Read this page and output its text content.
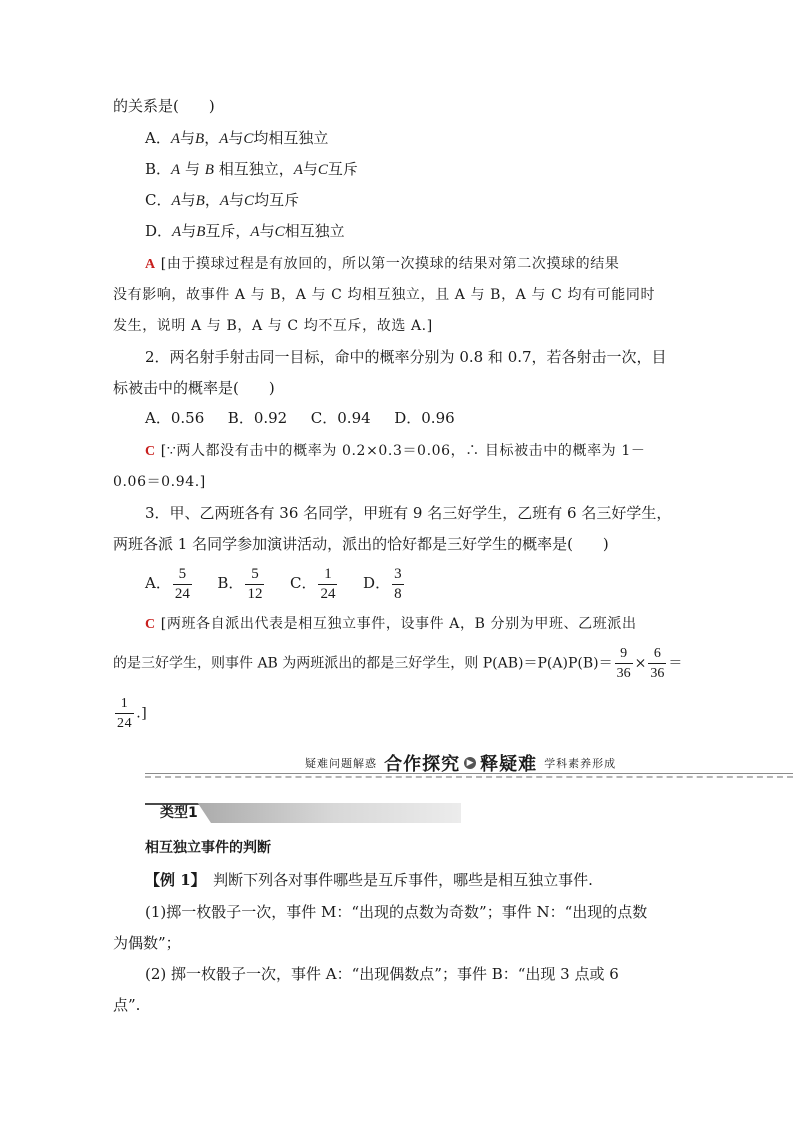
的关系是(　　)
A．A与B，A与C均相互独立
B．A 与 B 相互独立，A与C互斥
C．A与B，A与C均互斥
D．A与B互斥，A与C相互独立
A [由于摸球过程是有放回的，所以第一次摸球的结果对第二次摸球的结果
没有影响，故事件 A 与 B，A 与 C 均相互独立，且 A 与 B，A 与 C 均有可能同时
发生，说明 A 与 B，A 与 C 均不互斥，故选 A.]
2．两名射手射击同一目标，命中的概率分别为 0.8 和 0.7，若各射击一次，目
标被击中的概率是(　　)
A．0.56 B．0.92 C．0.94 D．0.96
C [∵两人都没有击中的概率为 0.2×0.3＝0.06，∴ 目标被击中的概率为 1－
0.06＝0.94.]
3．甲、乙两班各有 36 名同学，甲班有 9 名三好学生，乙班有 6 名三好学生，
两班各派 1 名同学参加演讲活动，派出的恰好都是三好学生的概率是(　　)
A． $\frac{5}{24}$ B． $\frac{5}{12}$ C． $\frac{1}{24}$ D． $\frac{3}{8}$
C [两班各自派出代表是相互独立事件，设事件 A，B 分别为甲班、乙班派出
的是三好学生，则事件 AB 为两班派出的都是三好学生，则 $P(AB)=P(A)P(B)= \frac{9}{36} \times \frac{6}{36}$ ＝
$\frac{1}{24}$ .]
疑难问题解惑 合作探究 ▶ 释疑难 学科素养形成
类型1
相互独立事件的判断
【例 1】　判断下列各对事件哪些是互斥事件，哪些是相互独立事件.
(1)掷一枚骰子一次，事件 M：“出现的点数为奇数”；事件 N：“出现的点数
为偶数”；
(2) 掷一枚骰子一次，事件 A：“出现偶数点”；事件 B：“出现 3 点或 6
点”.
